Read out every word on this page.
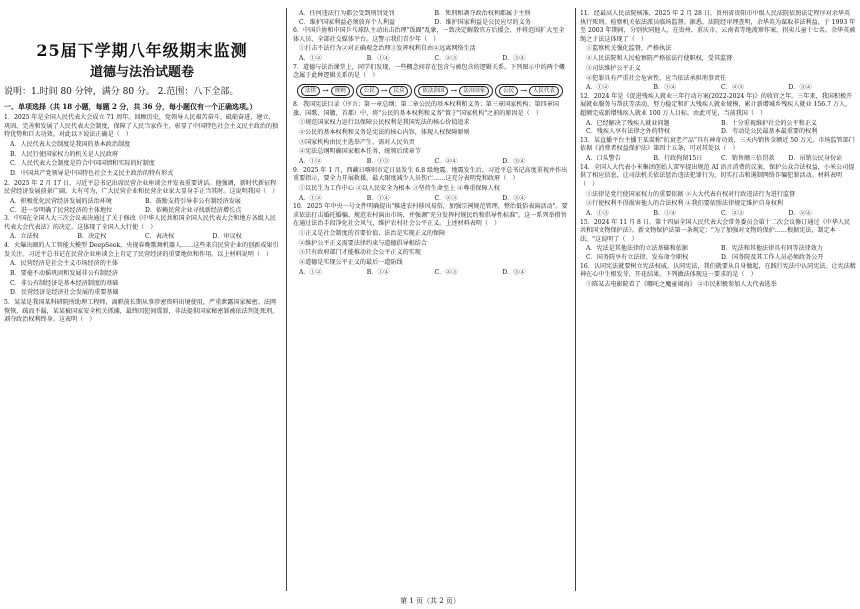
25届下学期八年级期末监测
道德与法治试题卷
说明：1.时间 80 分钟，满分 80 分。 2.范围：八下全部。
一、单项选择（共 18 小题，每题 2 分，共 36 分，每小题仅有一个正确选项。）

1．2025 年是全国人民代表大会成立 71 周年。回顾历史，党领导人民艰苦奋斗、砥砺奋进，建立、巩固、完善和发展了人民代表大会制度，保障了人民当家作主，彰显了中国特色社会主义民主政治的独特优势和巨大功效。对此以下说法正确是（　）

A．人民代表大会制度是我国的基本政治制度

B．人民行使国家权力的机关是人民政府

C．人民代表大会制度是符合中国国情和实际的好制度

D．中国共产党领导是中国特色社会主义民主政治的特有形式

2．2025 年 2 月 17 日，习近平总书记出席民营企业座谈会并发表重要讲话。他强调，新时代新征程民营经济发展前景广阔、大有可为，广大民营企业和民营企业家大显身手正当其时。这说明我国（　）

A．积极优化民营经济发展的法治环境	B．鼓励支持引导非公有制经济发展
C．进一步明确了民营经济的主体地位	D．依赖民营企业寻找新经济增长点

3．中国在全国人大三次会议表决通过了关于修改《中华人民共和国全国人民代表大会和地方各级人民代表大会代表法》的决定。这体现了全国人大行使（　）

A．立法权	B．决定权	C．表决权	D．审议权

4．火爆出圈的人工智能大模型 DeepSeek，央视春晚歌舞机器人……这些来自民营企业的创新成果引发关注。习近平总书记在民营企业座谈会上肯定了民营经济的重要地位和作用。以上材料说明（　）

A．民营经济是社会主义市场经济的主体

B．要毫不动摇巩固和发展非公有制经济

C．非公有制经济是基本经济制度的基础

D．民营经济是经济社会发展的重要基础

5．某某是我国某科研院所助理工程师，离职前长期从事涉密资料出境使用，严重泄露国家秘密。法网恢恢，疏而不漏，某某被国家安全机关抓捕，最终因犯间谍罪，非法提供国家秘密罪被依法判处死刑，剥夺政治权利终身。这表明（　）

A．任何违法行为都会受到刑罚处罚	B．死刑和剥夺政治权利都属于主刑
C．维护国家利益必须放弃个人利益	D．维护国家利益是公民应尽的义务

6．中国乒协和中国乒乓球队主动出击治理"饭圈"乱象，一致决定解散官方后援会，并将范围扩大至全体人员、全部社交媒体平台。这警示我们青少年（　）

①打击不法行为②对正确观念治理③发挥权利自由④远离网络生活

A．①②	B．①④	C．②③	D．③④

7．道德与法治课堂上，同学们发现，一些概念间存在包含与被包含的逻辑关系。下列图示中的两个概念属于此种逻辑关系的是（　）

法律 →	规则	公民 →	民众	依法治国 →	法治国家	公民 →	人民代表

8．我国宪法目录（序言；第一章总纲；第二章公民的基本权利和义务；第三章国家机构；第四章国旗、国歌、国徽、首都）中，将"公民的基本权利和义务"置于"国家机构"之前的原因是（　）

①规范国家权力运行以保障公民权利是我国宪法的核心价值追求

②公民的基本权利和义务是宪法的核心内容，体现人权保障原则

③国家机构由民主选举产生，需对人民负责

④宪法总纲明确国家根本任务，统领后续章节

A．①②	B．①③	C．②④	D．③④

9．2025 年 1 月，西藏日喀则市定日县发生 6.8 级地震。地震发生后，习近平总书记高度重视并作出重要指示，要全力开展救援，最大限度减少人员伤亡……这充分表明党和政府（　）

①以民生为工作中心 ②以人民安全为根本 ③坚持生命至上 ④尊重保障人权

A．①②	B．①④	C．②③	D．③④

10．2025 年中央一号文件明确提出"推进农村移风易俗，加强宗祠规范管理，整治低俗表演活动"。要求依法打击婚托婚骗、规范农村演出市场，并强调"充分发挥村规民约和倡导性标准"。这一系列举措旨在通过法治手段净化社会风气，维护农村社会公平正义。上述材料表明（　）

①正义是社会制度的首要价值，法治是实现正义的保障

②维护公平正义需要法律约束与道德倡导相结合

③只有政府部门才能推动社会公平正义的实现

④道德是实现公平正义的最后一道防线

A．①②	B．①④	C．②③	D．③④

11．经最高人民法院核准，2025 年 2 月 28 日，贵州省贵阳市中级人民法院依照法定程序对余华英执行死刑。检察机关依法派员临场监督。据悉，法院经审理查明，余华英为谋取非法利益，于 1993 年至 2003 年期间，分别伙同他人，在贵州、重庆市、云南省等地流窜作案，拐卖儿童十七名。余华英被绳之于法这体现了（　）

①监察机关强化监督，严格执法

②人民法院和人民检察院严格依法行使职权，受其监督

③司法维护公平正义

④犯罪具有严重社会危害性，应当依法承担刑事责任

A．①②	B．①④	C．②③	D．③④

12．2024 年是《促进残疾人就业三年行动方案(2022-2024 年)》的收官之年。三年来，我国积极开展就业服务与帮扶等活动，努力稳定和扩大残疾人就业规模，累计新增城乡残疾人就业 156.7 万人，超额完成新增残疾人就业 100 万人目标。由此可见，当前我国（　）

A．已经解决了残疾人就业问题	B．十分重视维护社会的公平和正义
C．残疾人享有法律之外的特权	D．劳动是公民最基本最重要的权利

13．某直播平台主播王某谎称"抗衰老产品"具有神奇功效，三天内销售金额近 50 万元，市场监管部门依据《消费者权益保护法》第四十五条，可对其处以（　）

A．口头警告	B．行政拘留15日	C．销售额三倍罚款	D．吊销公民身份证

14．全国人大代表小米集团创始人雷军提出规范 AI 语言消费的议案，保护公众合法权益，小米公司提供了相应信息，让司法机关依法惩治违法犯罪行为，切实打击和遏制网络诈骗犯罪活动。材料表明（　）

①法律是党行使国家权力的重要依据 ②人大代表有权对行政违法行为进行监督

③行使权利不得损害他人的合法权利 ④我们要依照法律规定维护自身权利

A．①③	B．①④	C．②③	D．②④

15．2024 年 11 月 8 日，第十四届全国人民代表大会常务委员会第十二次会议修订通过《中华人民共和国文物保护法》。新文物保护法第一条规定："为了加强对文物的保护……根据宪法，制定本法。"这说明了（　）

A．宪法是其他法律的立法基础和依据	B．宪法和其他法律具有同等法律效力
C．国务院享有立法律、发布命令职权	D．国务院及其工作人员必须政务公开

16．认同宪法就要树立宪法权威，认同宪法，我们就要从自身做起，在践行宪法中认同宪法。让宪法精神在心中生根发芽，开花结果。下列做法体现这一要求的是（　）

①陈某去电影院看了《哪吒之魔童闹海》 ②市民积极参加人大代表选举

第 1 页（共 2 页）
